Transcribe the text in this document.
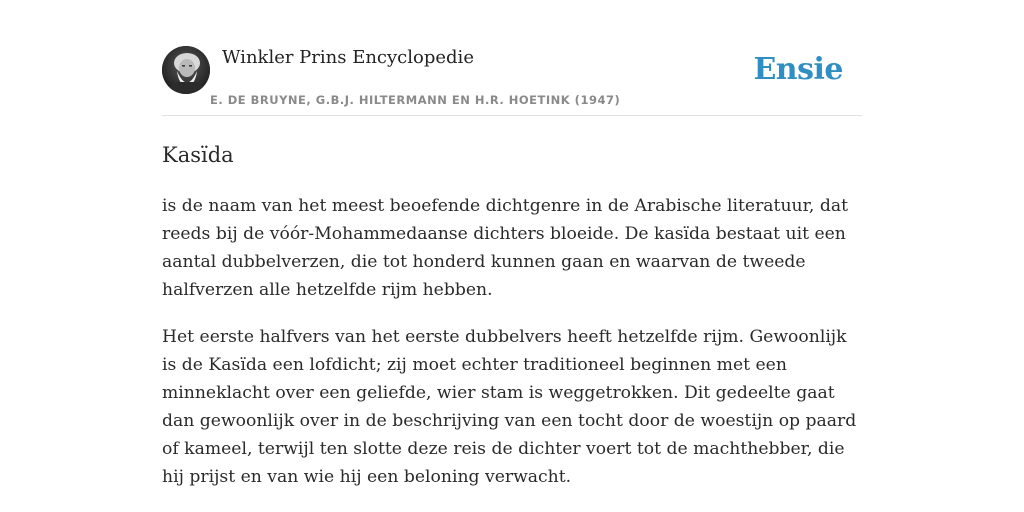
Winkler Prins Encyclopedie
E. DE BRUYNE, G.B.J. HILTERMANN EN H.R. HOETINK (1947)
Ensie
Kasïda

is de naam van het meest beoefende dichtgenre in de Arabische literatuur, dat reeds bij de vóór-Mohammedaanse dichters bloeide. De kasïda bestaat uit een aantal dubbelverzen, die tot honderd kunnen gaan en waarvan de tweede halfverzen alle hetzelfde rijm hebben.

Het eerste halfvers van het eerste dubbelvers heeft hetzelfde rijm. Gewoonlijk is de Kasïda een lofdicht; zij moet echter traditioneel beginnen met een minneklacht over een geliefde, wier stam is weggetrokken. Dit gedeelte gaat dan gewoonlijk over in de beschrijving van een tocht door de woestijn op paard of kameel, terwijl ten slotte deze reis de dichter voert tot de machthebber, die hij prijst en van wie hij een beloning verwacht.
